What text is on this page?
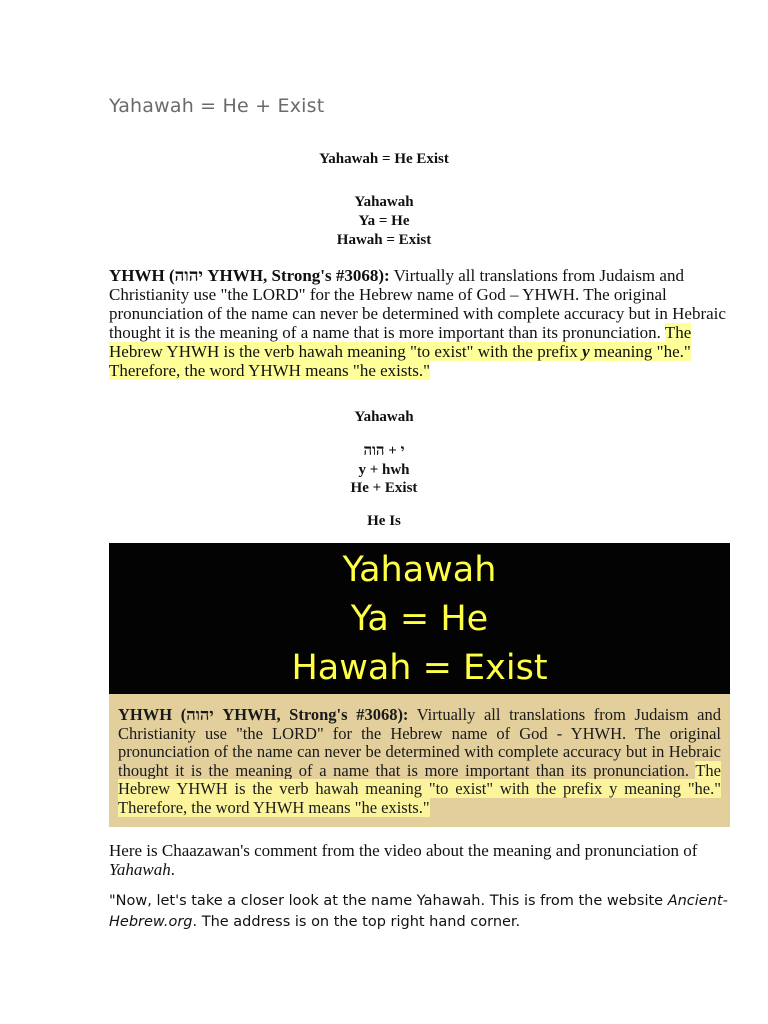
Yahawah = He + Exist
Yahawah = He Exist
Yahawah
Ya = He
Hawah = Exist
YHWH (יהוה YHWH, Strong's #3068): Virtually all translations from Judaism and Christianity use "the LORD" for the Hebrew name of God – YHWH. The original pronunciation of the name can never be determined with complete accuracy but in Hebraic thought it is the meaning of a name that is more important than its pronunciation. The Hebrew YHWH is the verb hawah meaning "to exist" with the prefix y meaning "he." Therefore, the word YHWH means "he exists."
Yahawah
י + הוה
y + hwh
He + Exist
He Is
Yahawah
Ya = He
Hawah = Exist
YHWH (יהוה YHWH, Strong's #3068): Virtually all translations from Judaism and Christianity use "the LORD" for the Hebrew name of God - YHWH. The original pronunciation of the name can never be determined with complete accuracy but in Hebraic thought it is the meaning of a name that is more important than its pronunciation. The Hebrew YHWH is the verb hawah meaning "to exist" with the prefix y meaning "he." Therefore, the word YHWH means "he exists."
Here is Chaazawan's comment from the video about the meaning and pronunciation of Yahawah.
"Now, let's take a closer look at the name Yahawah. This is from the website Ancient-Hebrew.org. The address is on the top right hand corner.
